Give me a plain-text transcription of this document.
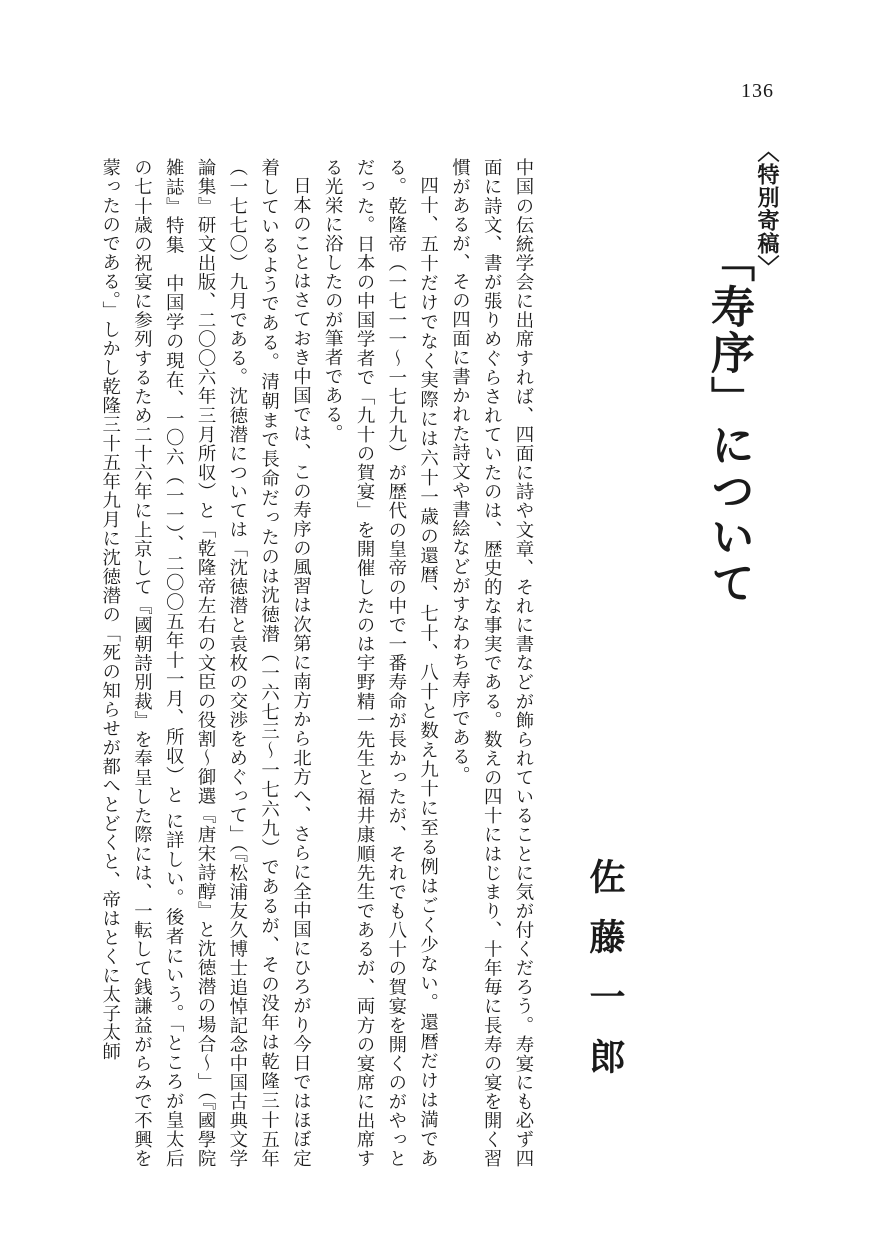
136
〈特別寄稿〉
「寿序」について
佐藤一郎

中国の伝統学会に出席すれば、四面に詩や文章、それに書などが飾られていることに気が付くだろう。寿宴にも必ず四面に詩文、書が張りめぐらされていたのは、歴史的な事実である。数えの四十にはじまり、十年毎に長寿の宴を開く習慣があるが、その四面に書かれた詩文や書絵などがすなわち寿序である。

四十、五十だけでなく実際には六十一歳の還暦、七十、八十と数え九十に至る例はごく少ない。還暦だけは満である。乾隆帝（一七一一～一七九九）が歴代の皇帝の中で一番寿命が長かったが、それでも八十の賀宴を開くのがやっとだった。日本の中国学者で「九十の賀宴」を開催したのは宇野精一先生と福井康順先生であるが、両方の宴席に出席する光栄に浴したのが筆者である。

日本のことはさておき中国では、この寿序の風習は次第に南方から北方へ、さらに全中国にひろがり今日ではほぼ定着しているようである。清朝まで長命だったのは沈徳潜（一六七三～一七六九）であるが、その没年は乾隆三十五年（一七七〇）九月である。沈徳潜については「沈徳潜と袁枚の交渉をめぐって」（『松浦友久博士追悼記念中国古典文学論集』研文出版、二〇〇六年三月所収）と「乾隆帝左右の文臣の役割～御選『唐宋詩醇』と沈徳潜の場合～」（『國學院雑誌』特集　中国学の現在、一〇六（一一）、二〇〇五年十一月、所収）と に詳しい。後者にいう。「ところが皇太后の七十歳の祝宴に参列するため二十六年に上京して『國朝詩別裁』を奉呈した際には、一転して銭謙益がらみで不興を蒙ったのである。」しかし乾隆三十五年九月に沈徳潜の「死の知らせが都へとどくと、帝はとくに太子太師
